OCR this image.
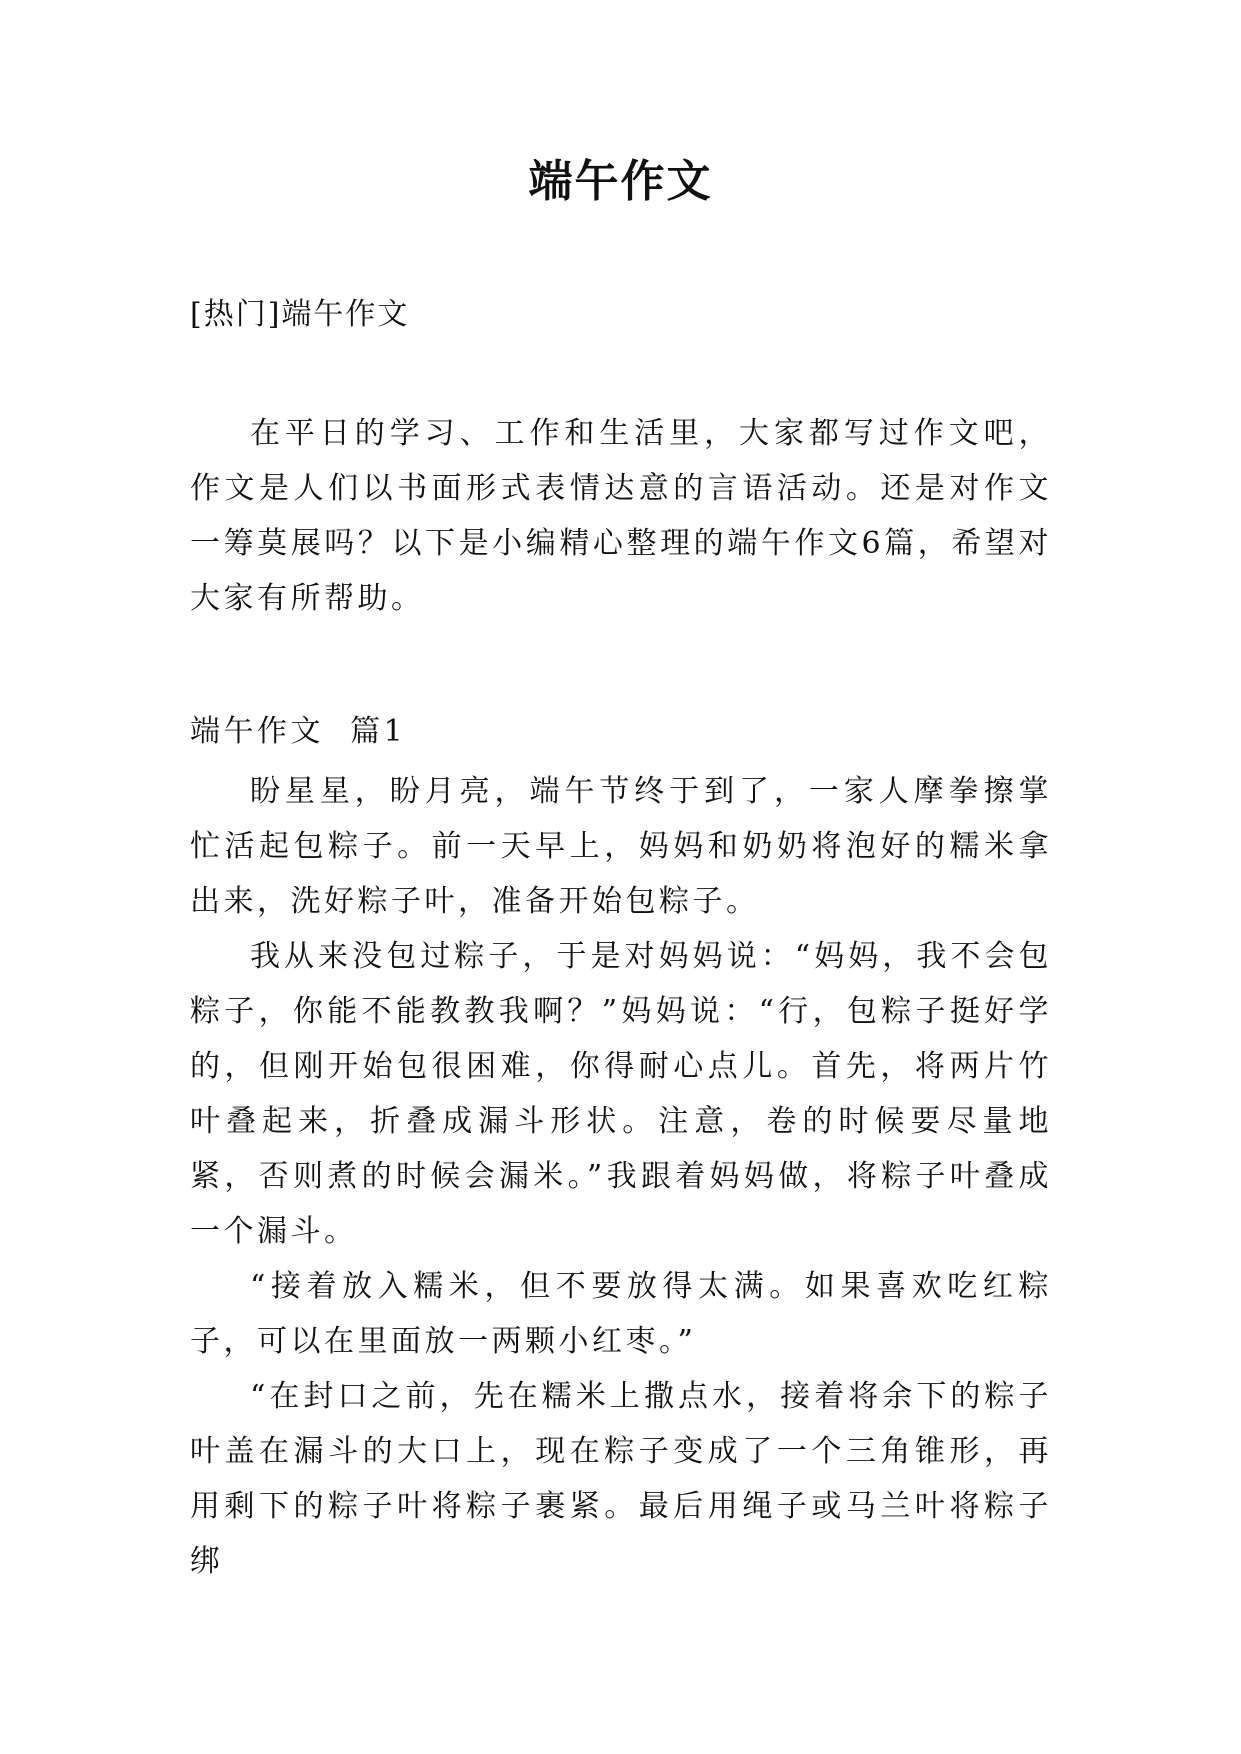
端午作文
[热门]端午作文

在平日的学习、工作和生活里，大家都写过作文吧，作文是人们以书面形式表情达意的言语活动。还是对作文一筹莫展吗？以下是小编精心整理的端午作文6篇，希望对大家有所帮助。

端午作文  篇1

盼星星，盼月亮，端午节终于到了，一家人摩拳擦掌忙活起包粽子。前一天早上，妈妈和奶奶将泡好的糯米拿出来，洗好粽子叶，准备开始包粽子。

我从来没包过粽子，于是对妈妈说：“妈妈，我不会包粽子，你能不能教教我啊？”妈妈说：“行，包粽子挺好学的，但刚开始包很困难，你得耐心点儿。首先，将两片竹叶叠起来，折叠成漏斗形状。注意，卷的时候要尽量地紧，否则煮的时候会漏米。”我跟着妈妈做，将粽子叶叠成一个漏斗。

“接着放入糯米，但不要放得太满。如果喜欢吃红粽子，可以在里面放一两颗小红枣。”

“在封口之前，先在糯米上撒点水，接着将余下的粽子叶盖在漏斗的大口上，现在粽子变成了一个三角锥形，再用剩下的粽子叶将粽子裹紧。最后用绳子或马兰叶将粽子绑
